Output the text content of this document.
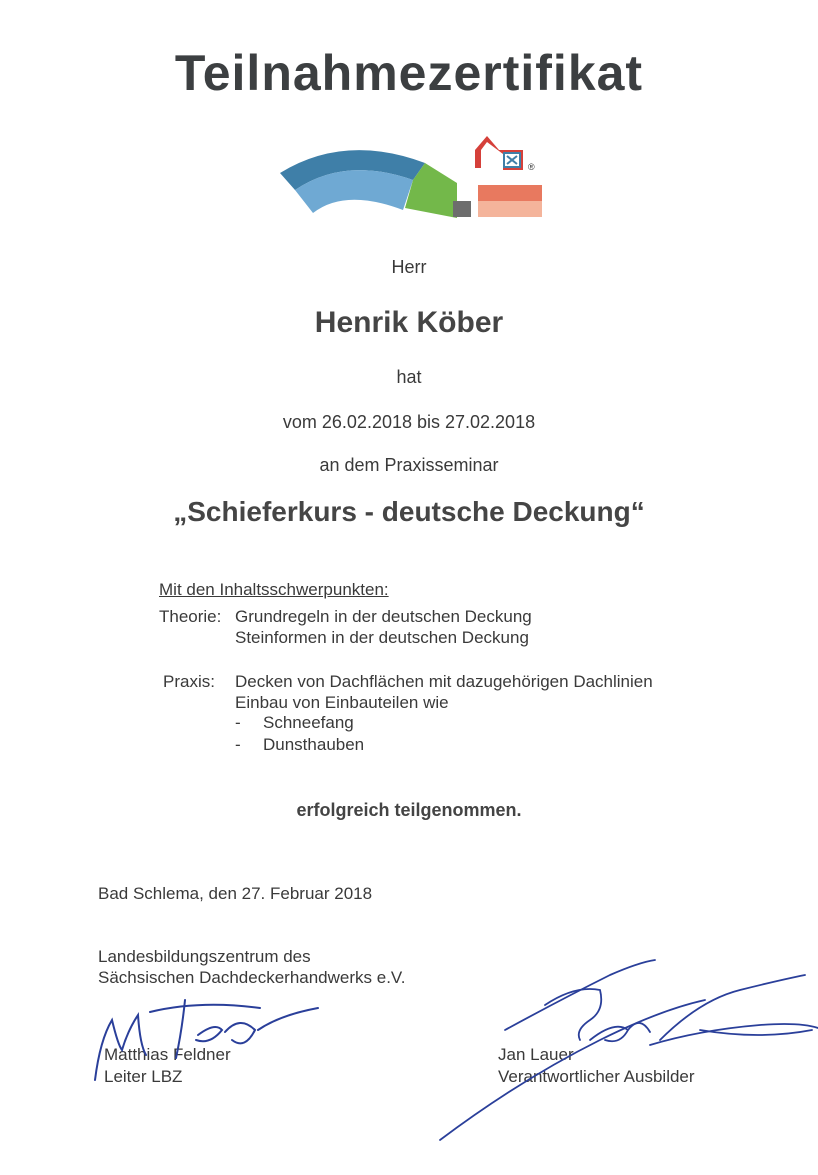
Teilnahmezertifikat
®
Herr
Henrik Köber
hat
vom 26.02.2018 bis 27.02.2018
an dem Praxisseminar
„Schieferkurs - deutsche Deckung“
Mit den Inhaltsschwerpunkten:
Theorie: Grundregeln in der deutschen Deckung
Steinformen in der deutschen Deckung
Praxis: Decken von Dachflächen mit dazugehörigen Dachlinien
Einbau von Einbauteilen wie
- Schneefang
- Dunsthauben
erfolgreich teilgenommen.
Bad Schlema, den 27. Februar 2018
Landesbildungszentrum des
Sächsischen Dachdeckerhandwerks e.V.
Matthias Feldner
Leiter LBZ
Jan Lauer
Verantwortlicher Ausbilder
